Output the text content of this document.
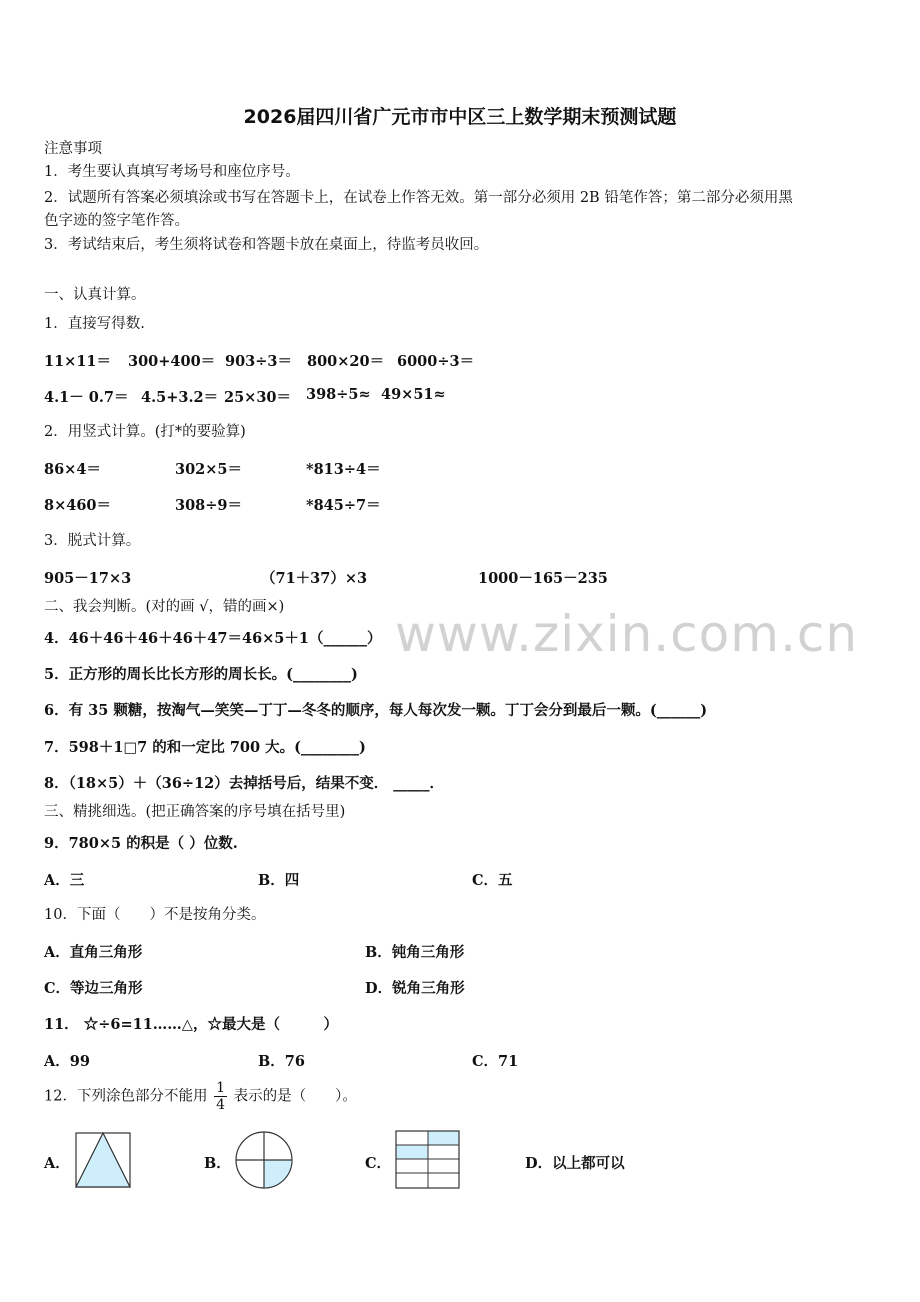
2026届四川省广元市市中区三上数学期末预测试题
注意事项
1．考生要认真填写考场号和座位序号。
2．试题所有答案必须填涂或书写在答题卡上，在试卷上作答无效。第一部分必须用 2B 铅笔作答；第二部分必须用黑
色字迹的签字笔作答。
3．考试结束后，考生须将试卷和答题卡放在桌面上，待监考员收回。
一、认真计算。
1．直接写得数.
11×11＝ 300+400＝ 903÷3＝ 800×20＝ 6000÷3＝
4.1－ 0.7＝ 4.5+3.2＝ 25×30＝ 398÷5≈ 49×51≈
2．用竖式计算。(打*的要验算)
86×4＝	302×5＝	*813÷4＝
8×460＝	308÷9＝	*845÷7＝
3．脱式计算。
905－17×3	（71＋37）×3	1000－165－235
www.zixin.com.cn
二、我会判断。(对的画 √，错的画×)
4．46＋46＋46＋46＋47＝46×5＋1（______）
5．正方形的周长比长方形的周长长。(________)
6．有 35 颗糖，按淘气—笑笑—丁丁—冬冬的顺序，每人每次发一颗。丁丁会分到最后一颗。(______)
7．598＋1□7 的和一定比 700 大。(________)
8．（18×5）＋（36÷12）去掉括号后，结果不变． _____．
三、精挑细选。(把正确答案的序号填在括号里)
9．780×5 的积是（ ）位数.
A．三	B．四	C．五
10．下面（　　）不是按角分类。
A．直角三角形	B．钝角三角形
C．等边三角形	D．锐角三角形
11． ☆÷6=11……△，☆最大是（　　　）
A．99	B．76	C．71
12．下列涂色部分不能用 $\frac{1}{4}$ 表示的是（　　）。
A．	B．	C．	D．以上都可以
